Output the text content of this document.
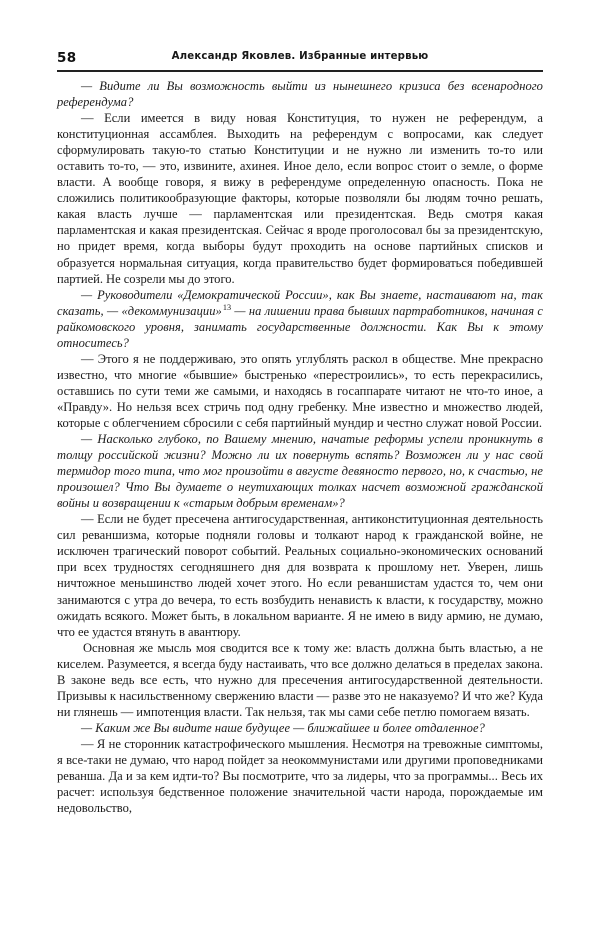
58	Александр Яковлев. Избранные интервью

— Видите ли Вы возможность выйти из нынешнего кризиса без всенародного референдума?

— Если имеется в виду новая Конституция, то нужен не референдум, а конституционная ассамблея. Выходить на референдум с вопросами, как следует сформулировать такую-то статью Конституции и не нужно ли изменить то-то или оставить то-то, — это, извините, ахинея. Иное дело, если вопрос стоит о земле, о форме власти. А вообще говоря, я вижу в референдуме определенную опасность. Пока не сложились политикообразующие факторы, которые позволяли бы людям точно решать, какая власть лучше — парламентская или президентская. Ведь смотря какая парламентская и какая президентская. Сейчас я вроде проголосовал бы за президентскую, но придет время, когда выборы будут проходить на основе партийных списков и образуется нормальная ситуация, когда правительство будет формироваться победившей партией. Не созрели мы до этого.

— Руководители «Демократической России», как Вы знаете, настаивают на, так сказать, — «декоммунизации»$^{13}$ — на лишении права бывших партработников, начиная с райкомовского уровня, занимать государственные должности. Как Вы к этому относитесь?

— Этого я не поддерживаю, это опять углублять раскол в обществе. Мне прекрасно известно, что многие «бывшие» быстренько «перестроились», то есть перекрасились, оставшись по сути теми же самыми, и находясь в госаппарате читают не что-то иное, а «Правду». Но нельзя всех стричь под одну гребенку. Мне известно и множество людей, которые с облегчением сбросили с себя партийный мундир и честно служат новой России.

— Насколько глубоко, по Вашему мнению, начатые реформы успели проникнуть в толщу российской жизни? Можно ли их повернуть вспять? Возможен ли у нас свой термидор того типа, что мог произойти в августе девяносто первого, но, к счастью, не произошел? Что Вы думаете о неутихающих толках насчет возможной гражданской войны и возвращении к «старым добрым временам»?

— Если не будет пресечена антигосударственная, антиконституционная деятельность сил реваншизма, которые подняли головы и толкают народ к гражданской войне, не исключен трагический поворот событий. Реальных социально-экономических оснований при всех трудностях сегодняшнего дня для возврата к прошлому нет. Уверен, лишь ничтожное меньшинство людей хочет этого. Но если реваншистам удастся то, чем они занимаются с утра до вечера, то есть возбудить ненависть к власти, к государству, можно ожидать всякого. Может быть, в локальном варианте. Я не имею в виду армию, не думаю, что ее удастся втянуть в авантюру.

Основная же мысль моя сводится все к тому же: власть должна быть властью, а не киселем. Разумеется, я всегда буду настаивать, что все должно делаться в пределах закона. В законе ведь все есть, что нужно для пресечения антигосударственной деятельности. Призывы к насильственному свержению власти — разве это не наказуемо? И что же? Куда ни глянешь — импотенция власти. Так нельзя, так мы сами себе петлю помогаем вязать.

— Каким же Вы видите наше будущее — ближайшее и более отдаленное?

— Я не сторонник катастрофического мышления. Несмотря на тревожные симптомы, я все-таки не думаю, что народ пойдет за неокоммунистами или другими проповедниками реванша. Да и за кем идти-то? Вы посмотрите, что за лидеры, что за программы... Весь их расчет: используя бедственное положение значительной части народа, порождаемые им недовольство,
